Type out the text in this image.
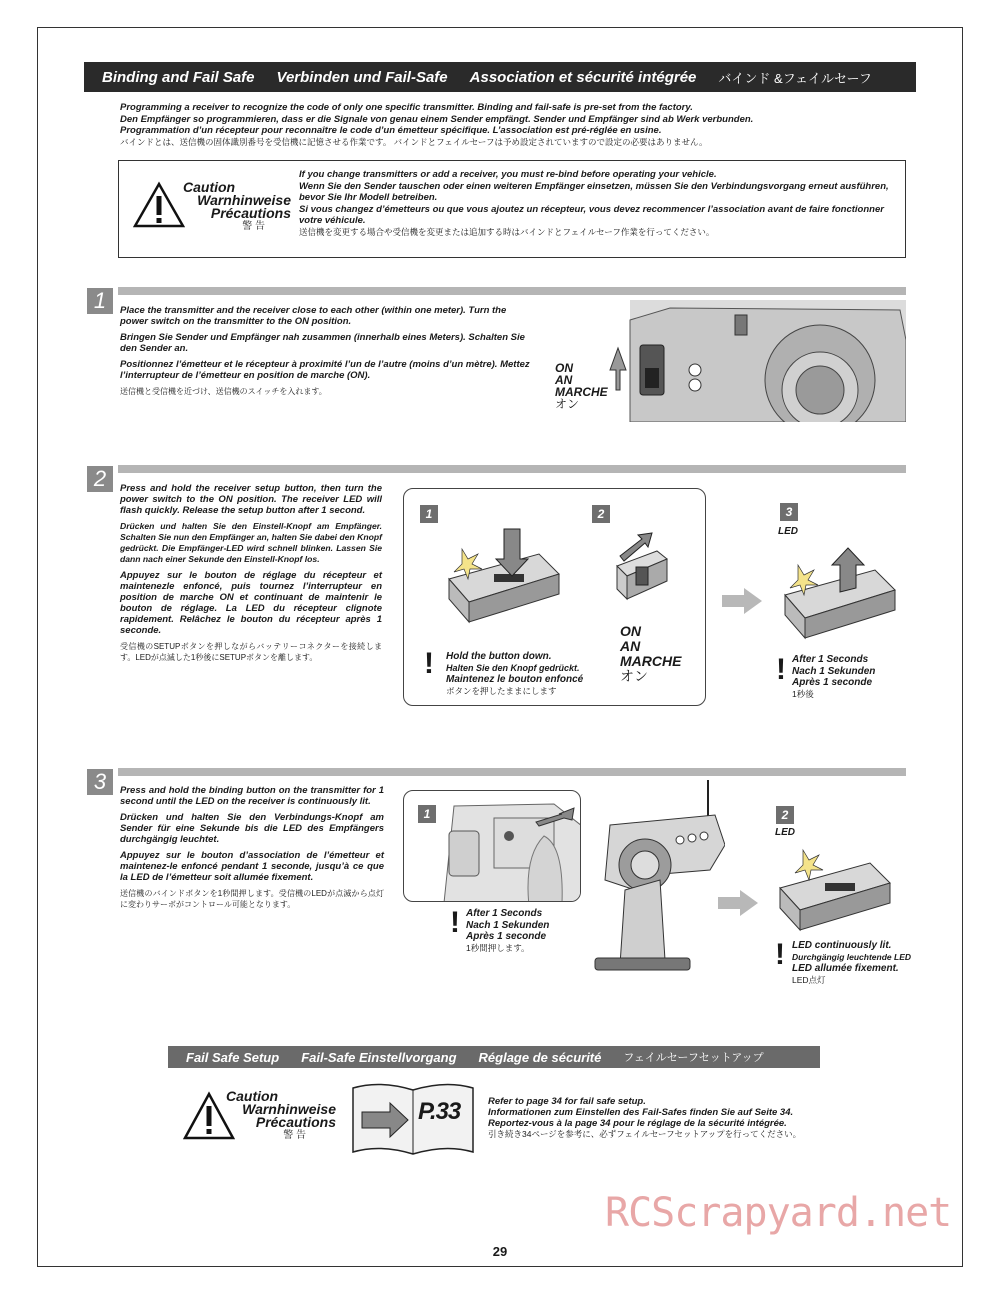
Binding and Fail Safe Verbinden und Fail-Safe Association et sécurité intégrée バインド &フェイルセーフ
Programming a receiver to recognize the code of only one specific transmitter. Binding and fail-safe is pre-set from the factory.
Den Empfänger so programmieren, dass er die Signale von genau einem Sender empfängt. Sender und Empfänger sind ab Werk verbunden.
Programmation d’un récepteur pour reconnaître le code d’un émetteur spécifique. L’association est pré-réglée en usine.
バインドとは、送信機の固体識別番号を受信機に記憶させる作業です。 バインドとフェイルセーフは予め設定されていますので設定の必要はありません。
Caution
Warnhinweise
Précautions
警 告
If you change transmitters or add a receiver, you must re-bind before operating your vehicle.
Wenn Sie den Sender tauschen oder einen weiteren Empfänger einsetzen, müssen Sie den Verbindungsvorgang erneut ausführen, bevor Sie Ihr Modell betreiben.
Si vous changez d’émetteurs ou que vous ajoutez un récepteur, vous devez recommencer l’association avant de faire fonctionner votre véhicule.
送信機を変更する場合や受信機を変更または追加する時はバインドとフェイルセーフ作業を行ってください。
1	Place the transmitter and the receiver close to each other (within one meter). Turn the power switch on the transmitter to the ON position.

Bringen Sie Sender und Empfänger nah zusammen (innerhalb eines Meters). Schalten Sie den Sender an.

Positionnez l’émetteur et le récepteur à proximité l’un de l’autre (moins d’un mètre). Mettez l’interrupteur de l’émetteur en position de marche (ON).

送信機と受信機を近づけ、送信機のスイッチを入れます。

ON
AN
MARCHE
オン
2	Press and hold the receiver setup button, then turn the power switch to the ON position. The receiver LED will flash quickly. Release the setup button after 1 second.

Drücken und halten Sie den Einstell-Knopf am Empfänger. Schalten Sie nun den Empfänger an, halten Sie dabei den Knopf gedrückt. Die Empfänger-LED wird schnell blinken. Lassen Sie dann nach einer Sekunde den Einstell-Knopf los.

Appuyez sur le bouton de réglage du récepteur et maintenezle enfoncé, puis tournez l’interrupteur en position de marche ON et continuant de maintenir le bouton de réglage. La LED du récepteur clignote rapidement. Relâchez le bouton du récepteur après 1 seconde.

受信機のSETUPボタンを押しながらバッテリーコネクターを接続します。LEDが点滅した1秒後にSETUPボタンを離します。

1	2
ON
AN
MARCHE
オン
! Hold the button down.
Halten Sie den Knopf gedrückt.
Maintenez le bouton enfoncé
ボタンを押したままにします
3
LED
! After 1 Seconds
Nach 1 Sekunden
Après 1 seconde
1秒後
3	Press and hold the binding button on the transmitter for 1 second until the LED on the receiver is continuously lit.

Drücken und halten Sie den Verbindungs-Knopf am Sender für eine Sekunde bis die LED des Empfängers durchgängig leuchtet.

Appuyez sur le bouton d’association de l’émetteur et maintenez-le enfoncé pendant 1 seconde, jusqu’à ce que la LED de l’émetteur soit allumée fixement.

送信機のバインドボタンを1秒間押します。受信機のLEDが点滅から点灯に変わりサーボがコントロール可能となります。

1
! After 1 Seconds
Nach 1 Sekunden
Après 1 seconde
1秒間押します。
2
LED
! LED continuously lit.
Durchgängig leuchtende LED
LED allumée fixement.
LED点灯
Fail Safe Setup Fail-Safe Einstellvorgang Réglage de sécurité フェイルセーフセットアップ
Caution
Warnhinweise
Précautions
警 告
P.33	Refer to page 34 for fail safe setup.
Informationen zum Einstellen des Fail-Safes finden Sie auf Seite 34.
Reportez-vous à la page 34 pour le réglage de la sécurité intégrée.
引き続き34ページを参考に、必ずフェイルセーフセットアップを行ってください。
RCScrapyard.net
29
